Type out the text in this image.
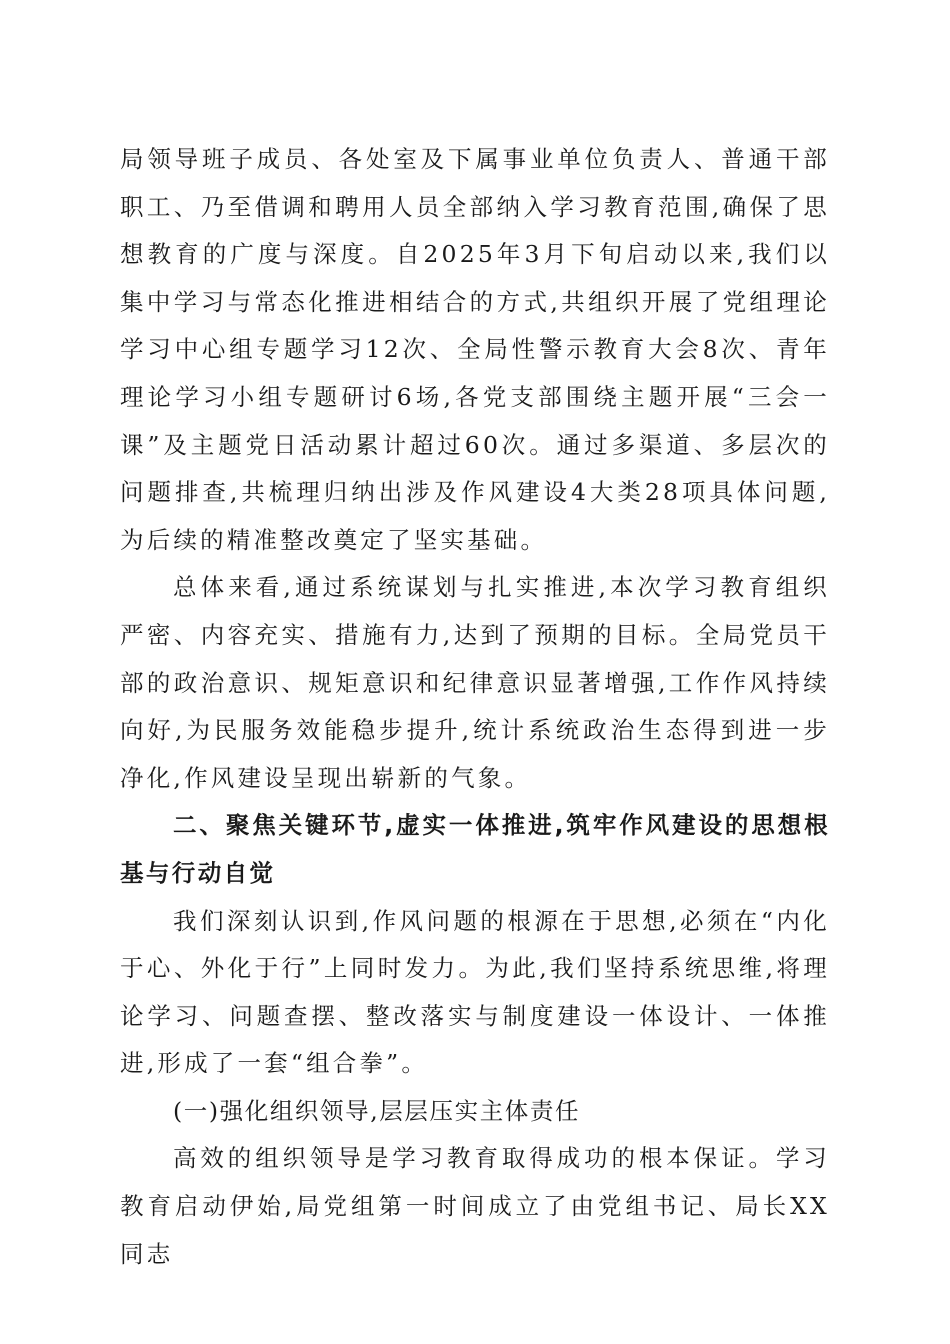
局领导班子成员、各处室及下属事业单位负责人、普通干部职工、乃至借调和聘用人员全部纳入学习教育范围,确保了思想教育的广度与深度。自2025年3月下旬启动以来,我们以集中学习与常态化推进相结合的方式,共组织开展了党组理论学习中心组专题学习12次、全局性警示教育大会8次、青年理论学习小组专题研讨6场,各党支部围绕主题开展“三会一课”及主题党日活动累计超过60次。通过多渠道、多层次的问题排查,共梳理归纳出涉及作风建设4大类28项具体问题,为后续的精准整改奠定了坚实基础。

总体来看,通过系统谋划与扎实推进,本次学习教育组织严密、内容充实、措施有力,达到了预期的目标。全局党员干部的政治意识、规矩意识和纪律意识显著增强,工作作风持续向好,为民服务效能稳步提升,统计系统政治生态得到进一步净化,作风建设呈现出崭新的气象。

二、聚焦关键环节,虚实一体推进,筑牢作风建设的思想根基与行动自觉

我们深刻认识到,作风问题的根源在于思想,必须在“内化于心、外化于行”上同时发力。为此,我们坚持系统思维,将理论学习、问题查摆、整改落实与制度建设一体设计、一体推进,形成了一套“组合拳”。

(一)强化组织领导,层层压实主体责任

高效的组织领导是学习教育取得成功的根本保证。学习教育启动伊始,局党组第一时间成立了由党组书记、局长XX同志
